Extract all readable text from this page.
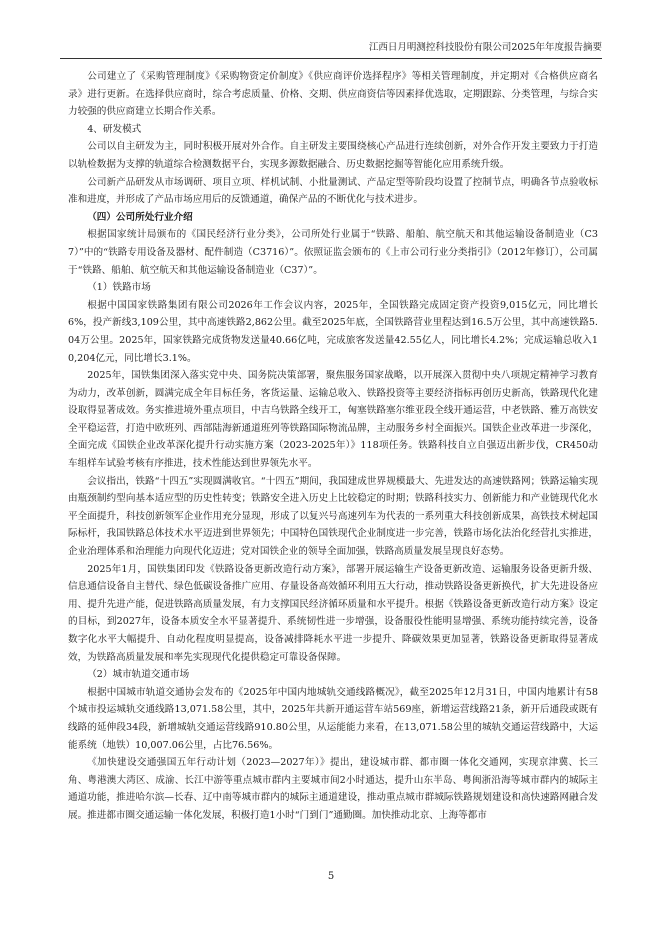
江西日月明测控科技股份有限公司2025年年度报告摘要

公司建立了《采购管理制度》《采购物资定价制度》《供应商评价选择程序》等相关管理制度，并定期对《合格供应商名录》进行更新。在选择供应商时，综合考虑质量、价格、交期、供应商资信等因素择优选取，定期跟踪、分类管理，与综合实力较强的供应商建立长期合作关系。

4、研发模式

公司以自主研发为主，同时积极开展对外合作。自主研发主要围绕核心产品进行连续创新，对外合作开发主要致力于打造以轨检数据为支撑的轨道综合检测数据平台，实现多源数据融合、历史数据挖掘等智能化应用系统升级。

公司新产品研发从市场调研、项目立项、样机试制、小批量测试、产品定型等阶段均设置了控制节点，明确各节点验收标准和进度，并形成了产品市场应用后的反馈通道，确保产品的不断优化与技术进步。

（四）公司所处行业介绍

根据国家统计局颁布的《国民经济行业分类》，公司所处行业属于“铁路、船舶、航空航天和其他运输设备制造业（C37）”中的“铁路专用设备及器材、配件制造（C3716）”。依照证监会颁布的《上市公司行业分类指引》（2012年修订），公司属于“铁路、船舶、航空航天和其他运输设备制造业（C37）”。

（1）铁路市场

根据中国国家铁路集团有限公司2026年工作会议内容，2025年，全国铁路完成固定资产投资9,015亿元，同比增长6%，投产新线3,109公里，其中高速铁路2,862公里。截至2025年底，全国铁路营业里程达到16.5万公里，其中高速铁路5.04万公里。2025年，国家铁路完成货物发送量40.66亿吨，完成旅客发送量42.55亿人，同比增长4.2%；完成运输总收入10,204亿元，同比增长3.1%。

2025年，国铁集团深入落实党中央、国务院决策部署，聚焦服务国家战略，以开展深入贯彻中央八项规定精神学习教育为动力，改革创新，圆满完成全年目标任务，客货运量、运输总收入、铁路投资等主要经济指标再创历史新高，铁路现代化建设取得显著成效。务实推进境外重点项目，中吉乌铁路全线开工，匈塞铁路塞尔维亚段全线开通运营，中老铁路、雅万高铁安全平稳运营，打造中欧班列、西部陆海新通道班列等铁路国际物流品牌，主动服务乡村全面振兴。国铁企业改革进一步深化，全面完成《国铁企业改革深化提升行动实施方案（2023-2025年）》118项任务。铁路科技自立自强迈出新步伐，CR450动车组样车试验考核有序推进，技术性能达到世界领先水平。

会议指出，铁路“十四五”实现圆满收官。“十四五”期间，我国建成世界规模最大、先进发达的高速铁路网；铁路运输实现由瓶颈制约型向基本适应型的历史性转变；铁路安全进入历史上比较稳定的时期；铁路科技实力、创新能力和产业链现代化水平全面提升，科技创新领军企业作用充分显现，形成了以复兴号高速列车为代表的一系列重大科技创新成果，高铁技术树起国际标杆，我国铁路总体技术水平迈进到世界领先；中国特色国铁现代企业制度进一步完善，铁路市场化法治化经营扎实推进，企业治理体系和治理能力向现代化迈进；党对国铁企业的领导全面加强，铁路高质量发展呈现良好态势。

2025年1月，国铁集团印发《铁路设备更新改造行动方案》，部署开展运输生产设备更新改造、运输服务设备更新升级、信息通信设备自主替代、绿色低碳设备推广应用、存量设备高效循环利用五大行动，推动铁路设备更新换代，扩大先进设备应用、提升先进产能，促进铁路高质量发展，有力支撑国民经济循环质量和水平提升。根据《铁路设备更新改造行动方案》设定的目标，到2027年，设备本质安全水平显著提升、系统韧性进一步增强，设备服役性能明显增强、系统功能持续完善，设备数字化水平大幅提升、自动化程度明显提高，设备减排降耗水平进一步提升、降碳效果更加显著，铁路设备更新取得显著成效，为铁路高质量发展和率先实现现代化提供稳定可靠设备保障。

（2）城市轨道交通市场

根据中国城市轨道交通协会发布的《2025年中国内地城轨交通线路概况》，截至2025年12月31日，中国内地累计有58个城市投运城轨交通线路13,071.58公里，其中，2025年共新开通运营车站569座，新增运营线路21条，新开后通段或既有线路的延伸段34段，新增城轨交通运营线路910.80公里，从运能能力来看，在13,071.58公里的城轨交通运营线路中，大运能系统（地铁）10,007.06公里，占比76.56%。

《加快建设交通强国五年行动计划（2023—2027年）》提出，建设城市群、都市圈一体化交通网，实现京津冀、长三角、粤港澳大湾区、成渝、长江中游等重点城市群内主要城市间2小时通达，提升山东半岛、粤闽浙沿海等城市群内的城际主通道功能，推进哈尔滨—长春、辽中南等城市群内的城际主通道建设，推动重点城市群城际铁路规划建设和高快速路网融合发展。推进都市圈交通运输一体化发展，积极打造1小时“门到门”通勤圈。加快推动北京、上海等都市

5
